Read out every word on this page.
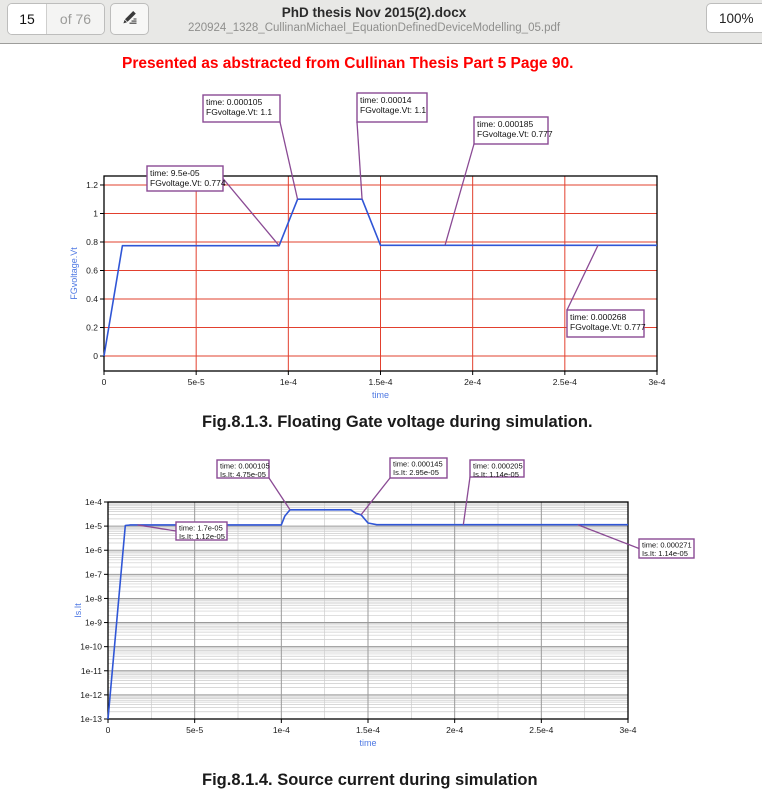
15	of 76	PhD thesis Nov 2015(2).docx
220924_1328_CullinanMichael_EquationDefinedDeviceModelling_05.pdf
100%
Presented as abstracted from Cullinan Thesis Part 5 Page 90.
0	5e-5	1e-4	1.5e-4	2e-4	2.5e-4	3e-4
0
0.2
0.4
0.6
0.8
1
1.2
time
FGvoltage.Vt
time: 0.000105
FGvoltage.Vt: 1.1
time: 0.00014
FGvoltage.Vt: 1.1
time: 0.000185
FGvoltage.Vt: 0.777
time: 9.5e-05
FGvoltage.Vt: 0.774
time: 0.000268
FGvoltage.Vt: 0.777
0	5e-5	1e-4	1.5e-4	2e-4	2.5e-4	3e-4
1e-4
1e-5
1e-6
1e-7
1e-8
1e-9
1e-10
1e-11
1e-12
1e-13
time
Is.It
time: 0.000105
Is.It: 4.75e-05
time: 0.000145
Is.It: 2.95e-05
time: 0.000205
Is.It: 1.14e-05
time: 1.7e-05
Is.It: 1.12e-05
time: 0.000271
Is.It: 1.14e-05
Fig.8.1.3. Floating Gate voltage during simulation.
Fig.8.1.4. Source current during simulation
